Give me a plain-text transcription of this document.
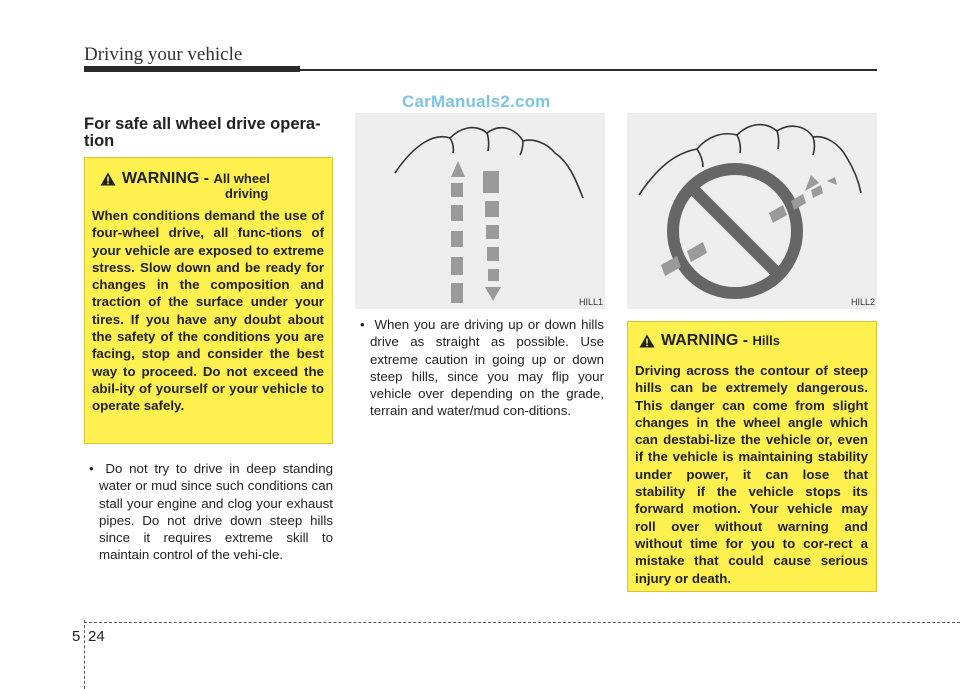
Driving your vehicle
CarManuals2.com
For safe all wheel drive opera-
tion
WARNING - All wheel
driving
When conditions demand the use of four-wheel drive, all func-tions of your vehicle are exposed to extreme stress. Slow down and be ready for changes in the composition and traction of the surface under your tires. If you have any doubt about the safety of the conditions you are facing, stop and consider the best way to proceed. Do not exceed the abil-ity of yourself or your vehicle to operate safely.
• Do not try to drive in deep standing water or mud since such conditions can stall your engine and clog your exhaust pipes. Do not drive down steep hills since it requires extreme skill to maintain control of the vehi-cle.
HILL1
• When you are driving up or down hills drive as straight as possible. Use extreme caution in going up or down steep hills, since you may flip your vehicle over depending on the grade, terrain and water/mud con-ditions.
HILL2
WARNING - Hills
Driving across the contour of steep hills can be extremely dangerous. This danger can come from slight changes in the wheel angle which can destabi-lize the vehicle or, even if the vehicle is maintaining stability under power, it can lose that stability if the vehicle stops its forward motion. Your vehicle may roll over without warning and without time for you to cor-rect a mistake that could cause serious injury or death.
5 24
